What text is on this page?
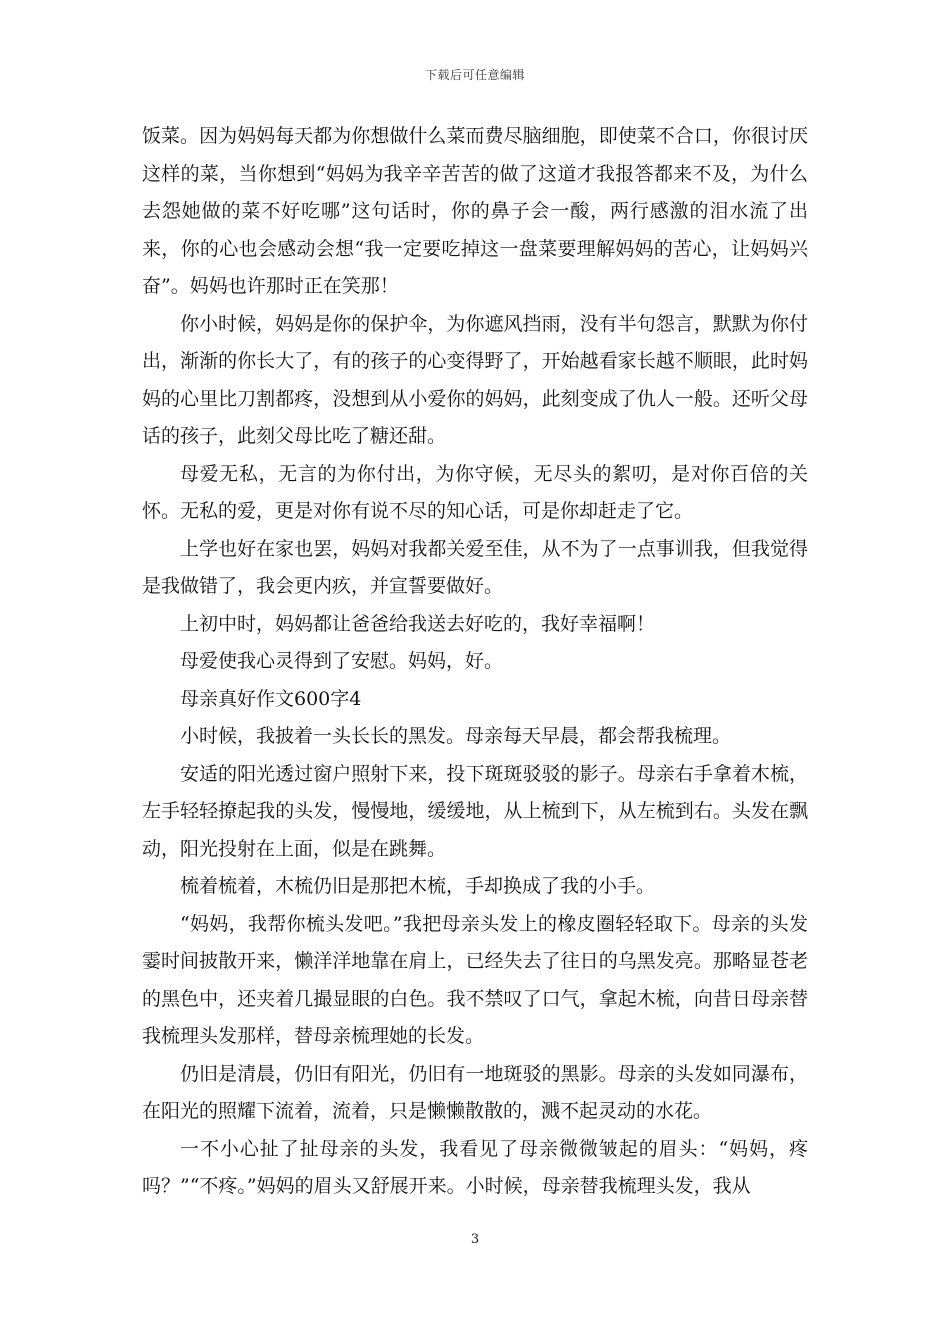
下载后可任意编辑

饭菜。因为妈妈每天都为你想做什么菜而费尽脑细胞，即使菜不合口，你很讨厌这样的菜，当你想到“妈妈为我辛辛苦苦的做了这道才我报答都来不及，为什么去怨她做的菜不好吃哪”这句话时，你的鼻子会一酸，两行感激的泪水流了出来，你的心也会感动会想“我一定要吃掉这一盘菜要理解妈妈的苦心，让妈妈兴奋”。妈妈也许那时正在笑那！

你小时候，妈妈是你的保护伞，为你遮风挡雨，没有半句怨言，默默为你付出，渐渐的你长大了，有的孩子的心变得野了，开始越看家长越不顺眼，此时妈妈的心里比刀割都疼，没想到从小爱你的妈妈，此刻变成了仇人一般。还听父母话的孩子，此刻父母比吃了糖还甜。

母爱无私，无言的为你付出，为你守候，无尽头的絮叨，是对你百倍的关怀。无私的爱，更是对你有说不尽的知心话，可是你却赶走了它。

上学也好在家也罢，妈妈对我都关爱至佳，从不为了一点事训我，但我觉得是我做错了，我会更内疚，并宣誓要做好。

上初中时，妈妈都让爸爸给我送去好吃的，我好幸福啊！

母爱使我心灵得到了安慰。妈妈，好。

母亲真好作文600字4

小时候，我披着一头长长的黑发。母亲每天早晨，都会帮我梳理。

安适的阳光透过窗户照射下来，投下斑斑驳驳的影子。母亲右手拿着木梳，左手轻轻撩起我的头发，慢慢地，缓缓地，从上梳到下，从左梳到右。头发在飘动，阳光投射在上面，似是在跳舞。

梳着梳着，木梳仍旧是那把木梳，手却换成了我的小手。

“妈妈，我帮你梳头发吧。”我把母亲头发上的橡皮圈轻轻取下。母亲的头发霎时间披散开来，懒洋洋地靠在肩上，已经失去了往日的乌黑发亮。那略显苍老的黑色中，还夹着几撮显眼的白色。我不禁叹了口气，拿起木梳，向昔日母亲替我梳理头发那样，替母亲梳理她的长发。

仍旧是清晨，仍旧有阳光，仍旧有一地斑驳的黑影。母亲的头发如同瀑布，在阳光的照耀下流着，流着，只是懒懒散散的，溅不起灵动的水花。

一不小心扯了扯母亲的头发，我看见了母亲微微皱起的眉头：“妈妈，疼吗？”“不疼。”妈妈的眉头又舒展开来。小时候，母亲替我梳理头发，我从

3
